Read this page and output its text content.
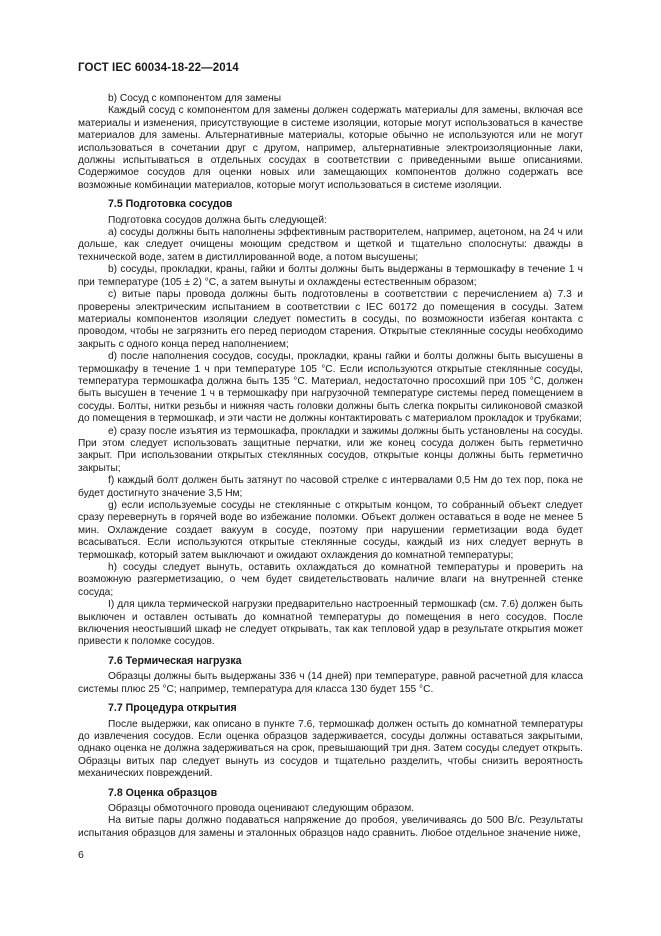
ГОСТ IEC 60034-18-22—2014

b) Сосуд с компонентом для замены

Каждый сосуд с компонентом для замены должен содержать материалы для замены, включая все материалы и изменения, присутствующие в системе изоляции, которые могут использоваться в качестве материалов для замены. Альтернативные материалы, которые обычно не используются или не могут использоваться в сочетании друг с другом, например, альтернативные электроизоляционные лаки, должны испытываться в отдельных сосудах в соответствии с приведенными выше описаниями. Содержимое сосудов для оценки новых или замещающих компонентов должно содержать все возможные комбинации материалов, которые могут использоваться в системе изоляции.

7.5 Подготовка сосудов

Подготовка сосудов должна быть следующей:

a) сосуды должны быть наполнены эффективным растворителем, например, ацетоном, на 24 ч или дольше, как следует очищены моющим средством и щеткой и тщательно сполоснуты: дважды в технической воде, затем в дистиллированной воде, а потом высушены;

b) сосуды, прокладки, краны, гайки и болты должны быть выдержаны в термошкафу в течение 1 ч при температуре (105 ± 2) °С, а затем вынуты и охлаждены естественным образом;

c) витые пары провода должны быть подготовлены в соответствии с перечислением а) 7.3 и проверены электрическим испытанием в соответствии с IEC 60172 до помещения в сосуды. Затем материалы компонентов изоляции следует поместить в сосуды, по возможности избегая контакта с проводом, чтобы не загрязнить его перед периодом старения. Открытые стеклянные сосуды необходимо закрыть с одного конца перед наполнением;

d) после наполнения сосудов, сосуды, прокладки, краны гайки и болты должны быть высушены в термошкафу в течение 1 ч при температуре 105 °С. Если используются открытые стеклянные сосуды, температура термошкафа должна быть 135 °С. Материал, недостаточно просохший при 105 °С, должен быть высушен в течение 1 ч в термошкафу при нагрузочной температуре системы перед помещением в сосуды. Болты, нитки резьбы и нижняя часть головки должны быть слегка покрыты силиконовой смазкой до помещения в термошкаф, и эти части не должны контактировать с материалом прокладок и трубками;

e) сразу после изъятия из термошкафа, прокладки и зажимы должны быть установлены на сосуды. При этом следует использовать защитные перчатки, или же конец сосуда должен быть герметично закрыт. При использовании открытых стеклянных сосудов, открытые концы должны быть герметично закрыты;

f) каждый болт должен быть затянут по часовой стрелке с интервалами 0,5 Нм до тех пор, пока не будет достигнуто значение 3,5 Нм;

g) если используемые сосуды не стеклянные с открытым концом, то собранный объект следует сразу перевернуть в горячей воде во избежание поломки. Объект должен оставаться в воде не менее 5 мин. Охлаждение создает вакуум в сосуде, поэтому при нарушении герметизации вода будет всасываться. Если используются открытые стеклянные сосуды, каждый из них следует вернуть в термошкаф, который затем выключают и ожидают охлаждения до комнатной температуры;

h) сосуды следует вынуть, оставить охлаждаться до комнатной температуры и проверить на возможную разгерметизацию, о чем будет свидетельствовать наличие влаги на внутренней стенке сосуда;

I) для цикла термической нагрузки предварительно настроенный термошкаф (см. 7.6) должен быть выключен и оставлен остывать до комнатной температуры до помещения в него сосудов. После включения неостывший шкаф не следует открывать, так как тепловой удар в результате открытия может привести к поломке сосудов.

7.6 Термическая нагрузка

Образцы должны быть выдержаны 336 ч (14 дней) при температуре, равной расчетной для класса системы плюс 25 °С; например, температура для класса 130 будет 155 °С.

7.7 Процедура открытия

После выдержки, как описано в пункте 7.6, термошкаф должен остыть до комнатной температуры до извлечения сосудов. Если оценка образцов задерживается, сосуды должны оставаться закрытыми, однако оценка не должна задерживаться на срок, превышающий три дня. Затем сосуды следует открыть. Образцы витых пар следует вынуть из сосудов и тщательно разделить, чтобы снизить вероятность механических повреждений.

7.8 Оценка образцов

Образцы обмоточного провода оценивают следующим образом.

На витые пары должно подаваться напряжение до пробоя, увеличиваясь до 500 В/с. Результаты испытания образцов для замены и эталонных образцов надо сравнить. Любое отдельное значение ниже,

6
